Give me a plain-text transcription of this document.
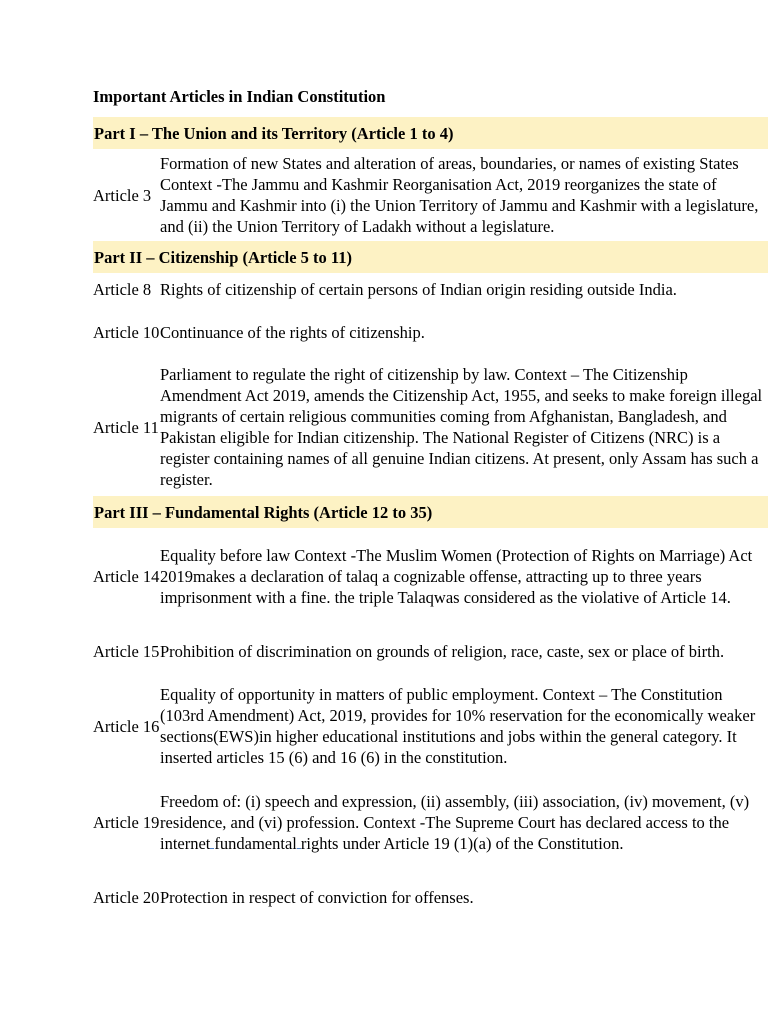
Important Articles in Indian Constitution
Part I – The Union and its Territory (Article 1 to 4)	
Article 3	Formation of new States and alteration of areas, boundaries, or names of existing States Context -The Jammu and Kashmir Reorganisation Act, 2019 reorganizes the state of Jammu and Kashmir into (i) the Union Territory of Jammu and Kashmir with a legislature, and (ii) the Union Territory of Ladakh without a legislature.
Part II – Citizenship (Article 5 to 11)	
Article 8	Rights of citizenship of certain persons of Indian origin residing outside India.
Article 10	Continuance of the rights of citizenship.
Article 11	Parliament to regulate the right of citizenship by law. Context – The Citizenship Amendment Act 2019, amends the Citizenship Act, 1955, and seeks to make foreign illegal migrants of certain religious communities coming from Afghanistan, Bangladesh, and Pakistan eligible for Indian citizenship. The National Register of Citizens (NRC) is a register containing names of all genuine Indian citizens. At present, only Assam has such a register.
Part III – Fundamental Rights (Article 12 to 35)	
Article 14	Equality before law Context -The Muslim Women (Protection of Rights on Marriage) Act 2019makes a declaration of talaq a cognizable offense, attracting up to three years imprisonment with a fine. the triple Talaqwas considered as the violative of Article 14.
Article 15	Prohibition of discrimination on grounds of religion, race, caste, sex or place of birth.
Article 16	Equality of opportunity in matters of public employment. Context – The Constitution (103rd Amendment) Act, 2019, provides for 10% reservation for the economically weaker sections(EWS)in higher educational institutions and jobs within the general category. It inserted articles 15 (6) and 16 (6) in the constitution.
Article 19	Freedom of: (i) speech and expression, (ii) assembly, (iii) association, (iv) movement, (v) residence, and (vi) profession. Context -The Supreme Court has declared access to the internet fundamental rights under Article 19 (1)(a) of the Constitution.
Article 20	Protection in respect of conviction for offenses.
